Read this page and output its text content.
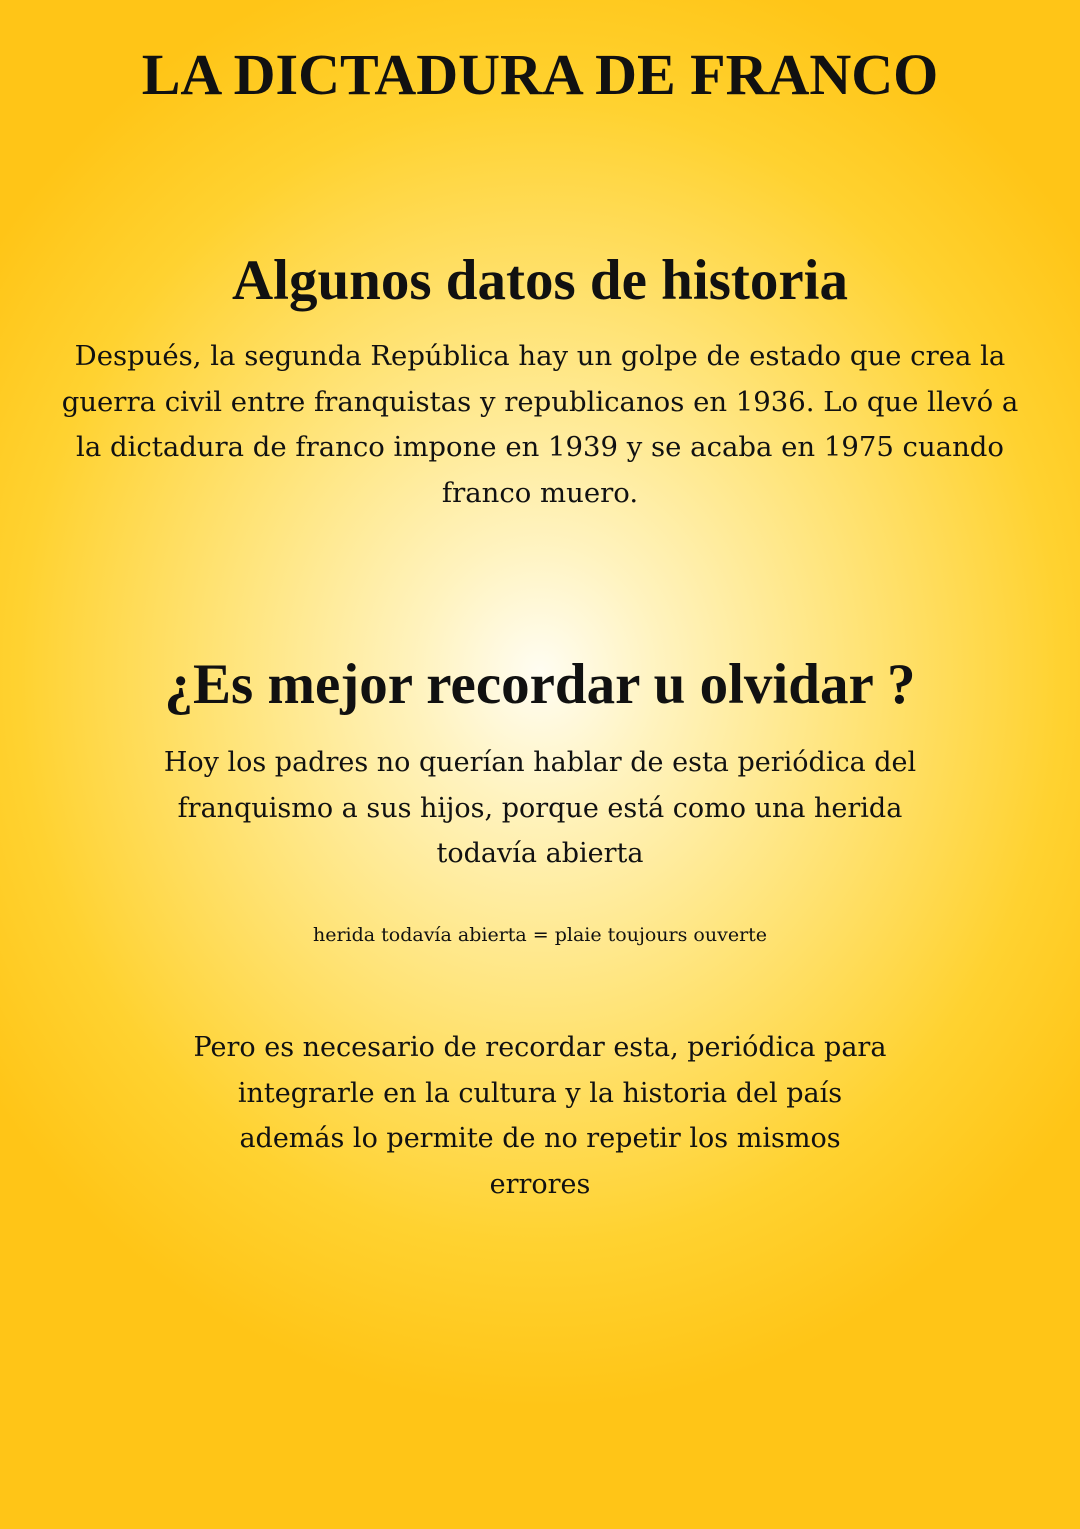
LA DICTADURA DE FRANCO
Algunos datos de historia

Después, la segunda República hay un golpe de estado que crea la guerra civil entre franquistas y republicanos en 1936. Lo que llevó a la dictadura de franco impone en 1939 y se acaba en 1975 cuando franco muero.

¿Es mejor recordar u olvidar ?

Hoy los padres no querían hablar de esta periódica del franquismo a sus hijos, porque está como una herida todavía abierta

herida todavía abierta = plaie toujours ouverte

Pero es necesario de recordar esta, periódica para integrarle en la cultura y la historia del país además lo permite de no repetir los mismos errores
